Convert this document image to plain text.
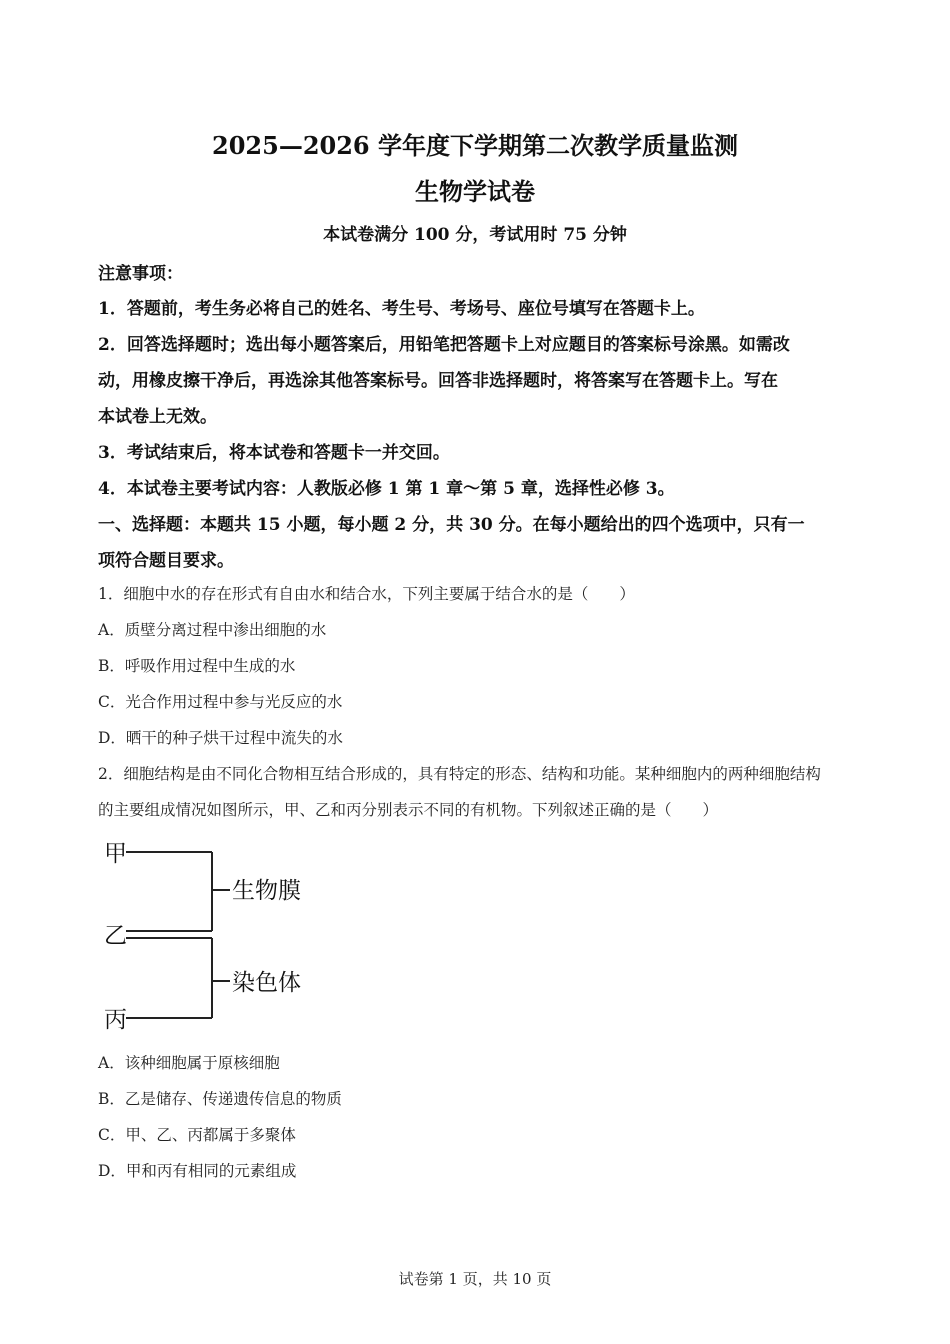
2025—2026 学年度下学期第二次教学质量监测
生物学试卷
本试卷满分 100 分，考试用时 75 分钟
注意事项：
1．答题前，考生务必将自己的姓名、考生号、考场号、座位号填写在答题卡上。
2．回答选择题时；选出每小题答案后，用铅笔把答题卡上对应题目的答案标号涂黑。如需改
动，用橡皮擦干净后，再选涂其他答案标号。回答非选择题时，将答案写在答题卡上。写在
本试卷上无效。
3．考试结束后，将本试卷和答题卡一并交回。
4．本试卷主要考试内容：人教版必修 1 第 1 章～第 5 章，选择性必修 3。
一、选择题：本题共 15 小题，每小题 2 分，共 30 分。在每小题给出的四个选项中，只有一
项符合题目要求。
1．细胞中水的存在形式有自由水和结合水，下列主要属于结合水的是（　　）
A．质壁分离过程中渗出细胞的水
B．呼吸作用过程中生成的水
C．光合作用过程中参与光反应的水
D．晒干的种子烘干过程中流失的水
2．细胞结构是由不同化合物相互结合形成的，具有特定的形态、结构和功能。某种细胞内的两种细胞结构
的主要组成情况如图所示，甲、乙和丙分别表示不同的有机物。下列叙述正确的是（　　）
甲
乙
丙
生物膜
染色体
A．该种细胞属于原核细胞
B．乙是储存、传递遗传信息的物质
C．甲、乙、丙都属于多聚体
D．甲和丙有相同的元素组成
试卷第 1 页，共 10 页
